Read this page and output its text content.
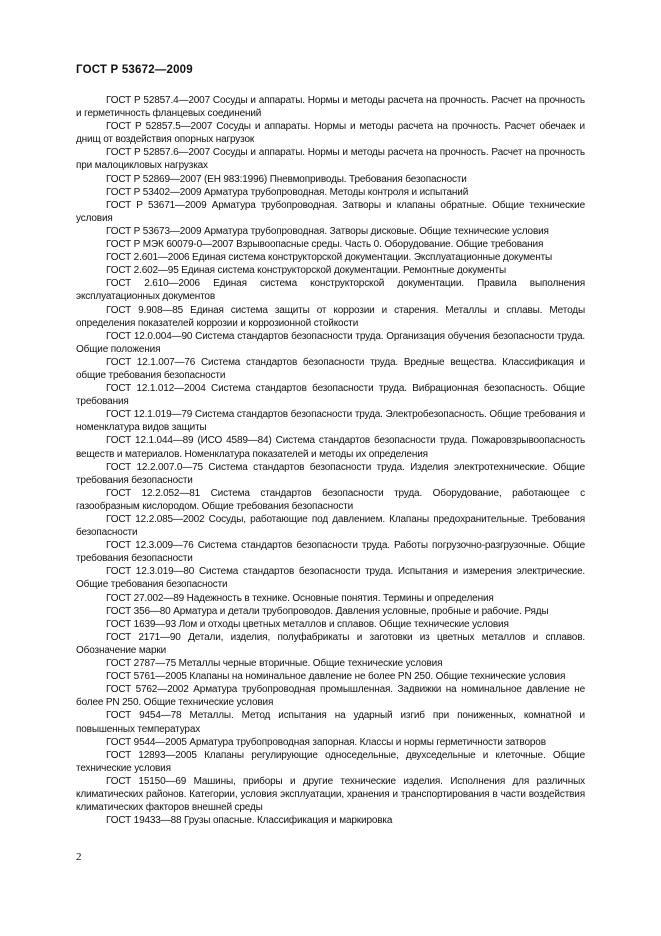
ГОСТ Р 53672—2009

ГОСТ Р 52857.4—2007 Сосуды и аппараты. Нормы и методы расчета на прочность. Расчет на прочность и герметичность фланцевых соединений

ГОСТ Р 52857.5—2007 Сосуды и аппараты. Нормы и методы расчета на прочность. Расчет обечаек и днищ от воздействия опорных нагрузок

ГОСТ Р 52857.6—2007 Сосуды и аппараты. Нормы и методы расчета на прочность. Расчет на прочность при малоцикловых нагрузках

ГОСТ Р 52869—2007 (ЕН 983:1996) Пневмоприводы. Требования безопасности

ГОСТ Р 53402—2009 Арматура трубопроводная. Методы контроля и испытаний

ГОСТ Р 53671—2009 Арматура трубопроводная. Затворы и клапаны обратные. Общие технические условия

ГОСТ Р 53673—2009 Арматура трубопроводная. Затворы дисковые. Общие технические условия

ГОСТ Р МЭК 60079-0—2007 Взрывоопасные среды. Часть 0. Оборудование. Общие требования

ГОСТ 2.601—2006 Единая система конструкторской документации. Эксплуатационные документы

ГОСТ 2.602—95 Единая система конструкторской документации. Ремонтные документы

ГОСТ 2.610—2006 Единая система конструкторской документации. Правила выполнения эксплуатационных документов

ГОСТ 9.908—85 Единая система защиты от коррозии и старения. Металлы и сплавы. Методы определения показателей коррозии и коррозионной стойкости

ГОСТ 12.0.004—90 Система стандартов безопасности труда. Организация обучения безопасности труда. Общие положения

ГОСТ 12.1.007—76 Система стандартов безопасности труда. Вредные вещества. Классификация и общие требования безопасности

ГОСТ 12.1.012—2004 Система стандартов безопасности труда. Вибрационная безопасность. Общие требования

ГОСТ 12.1.019—79 Система стандартов безопасности труда. Электробезопасность. Общие требования и номенклатура видов защиты

ГОСТ 12.1.044—89 (ИСО 4589—84) Система стандартов безопасности труда. Пожаровзрывоопасность веществ и материалов. Номенклатура показателей и методы их определения

ГОСТ 12.2.007.0—75 Система стандартов безопасности труда. Изделия электротехнические. Общие требования безопасности

ГОСТ 12.2.052—81 Система стандартов безопасности труда. Оборудование, работающее с газообразным кислородом. Общие требования безопасности

ГОСТ 12.2.085—2002 Сосуды, работающие под давлением. Клапаны предохранительные. Требования безопасности

ГОСТ 12.3.009—76 Система стандартов безопасности труда. Работы погрузочно-разгрузочные. Общие требования безопасности

ГОСТ 12.3.019—80 Система стандартов безопасности труда. Испытания и измерения электрические. Общие требования безопасности

ГОСТ 27.002—89 Надежность в технике. Основные понятия. Термины и определения

ГОСТ 356—80 Арматура и детали трубопроводов. Давления условные, пробные и рабочие. Ряды

ГОСТ 1639—93 Лом и отходы цветных металлов и сплавов. Общие технические условия

ГОСТ 2171—90 Детали, изделия, полуфабрикаты и заготовки из цветных металлов и сплавов. Обозначение марки

ГОСТ 2787—75 Металлы черные вторичные. Общие технические условия

ГОСТ 5761—2005 Клапаны на номинальное давление не более PN 250. Общие технические условия

ГОСТ 5762—2002 Арматура трубопроводная промышленная. Задвижки на номинальное давление не более PN 250. Общие технические условия

ГОСТ 9454—78 Металлы. Метод испытания на ударный изгиб при пониженных, комнатной и повышенных температурах

ГОСТ 9544—2005 Арматура трубопроводная запорная. Классы и нормы герметичности затворов

ГОСТ 12893—2005 Клапаны регулирующие односедельные, двухседельные и клеточные. Общие технические условия

ГОСТ 15150—69 Машины, приборы и другие технические изделия. Исполнения для различных климатических районов. Категории, условия эксплуатации, хранения и транспортирования в части воздействия климатических факторов внешней среды

ГОСТ 19433—88 Грузы опасные. Классификация и маркировка

2
